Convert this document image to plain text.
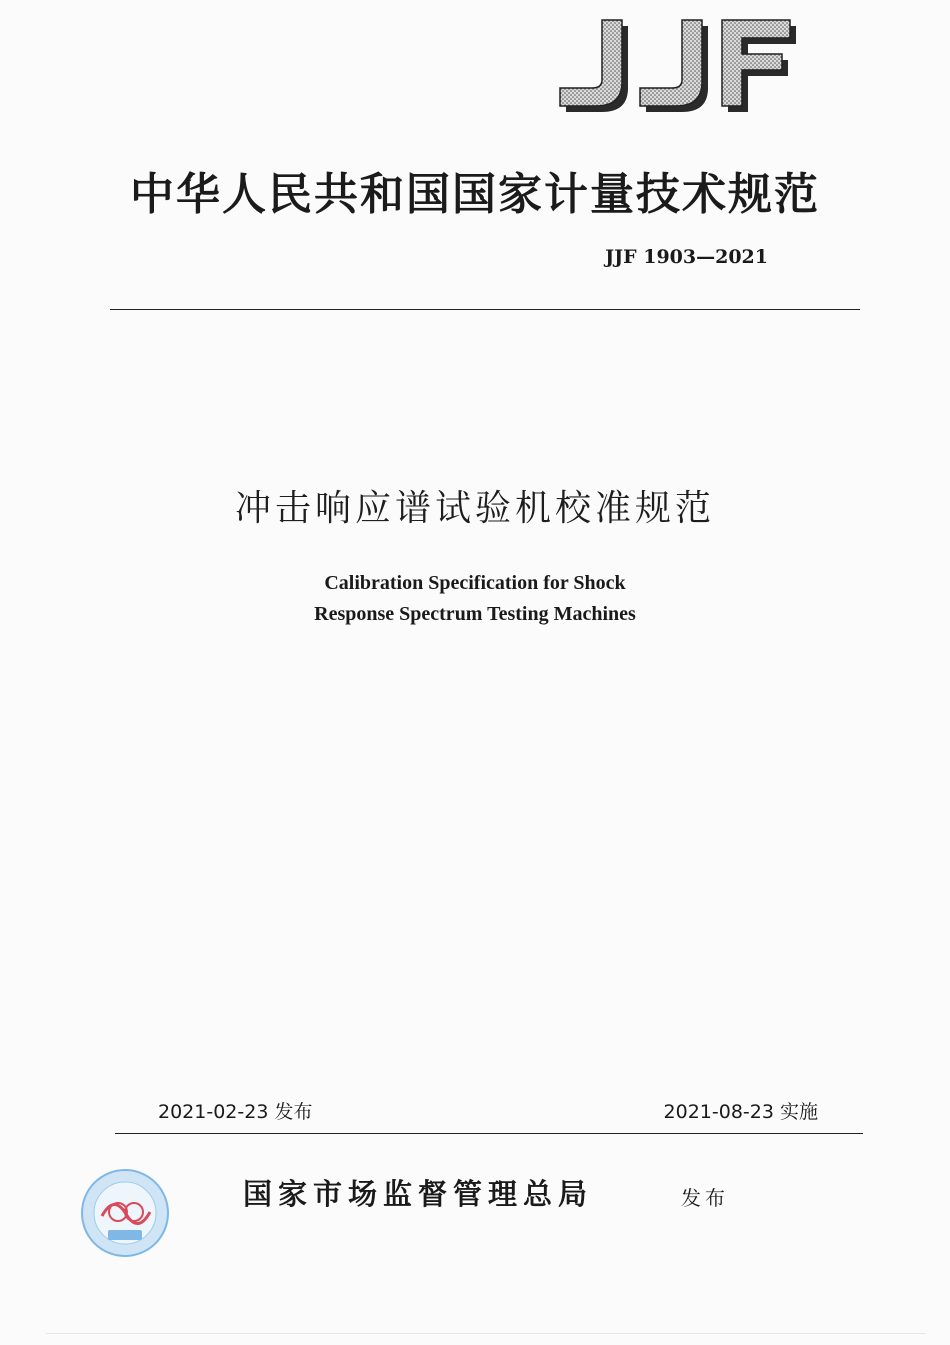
中华人民共和国国家计量技术规范
JJF 1903—2021
冲击响应谱试验机校准规范
Calibration Specification for Shock
Response Spectrum Testing Machines
2021-02-23 发布	2021-08-23 实施
国家市场监督管理总局	发布
